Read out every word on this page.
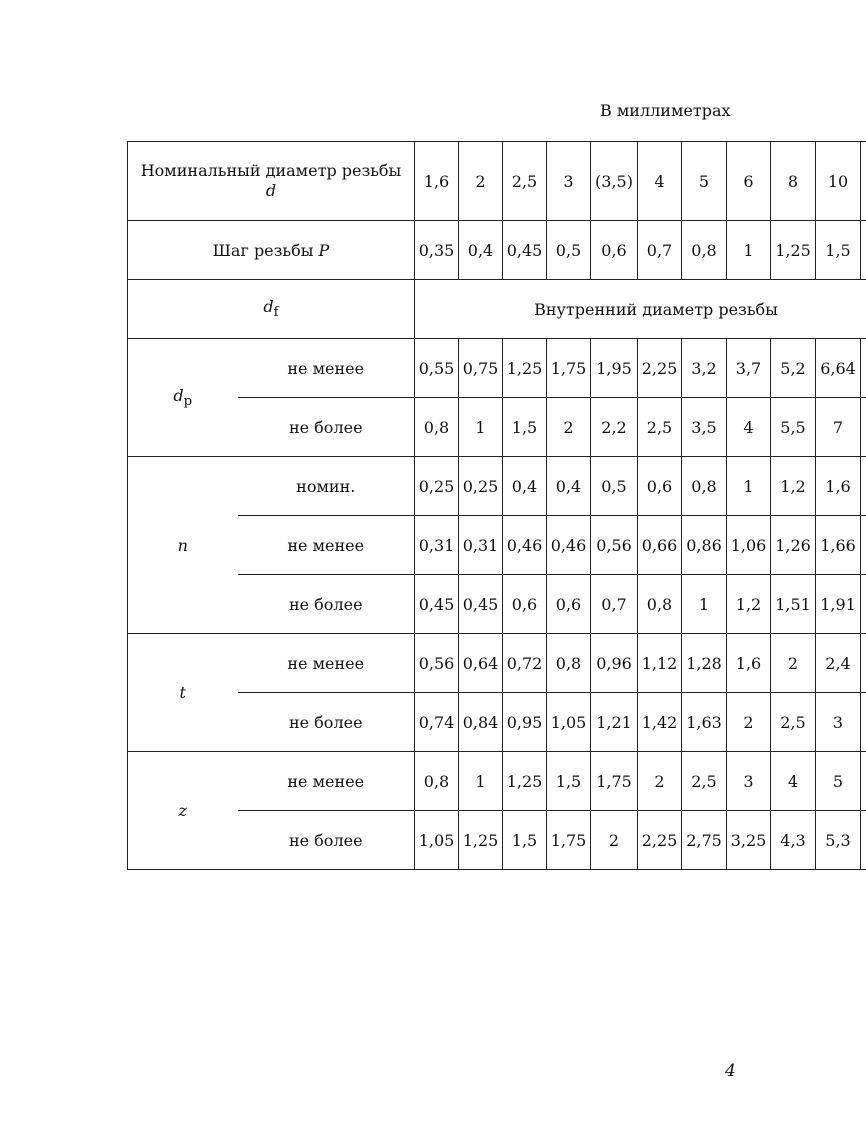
В миллиметрах
Номинальный диаметр резьбы
d		1,6	2	2,5	3	(3,5)	4	5	6	8	10	
Шаг резьбы P		0,35	0,4	0,45	0,5	0,6	0,7	0,8	1	1,25	1,5	
$d_f$		Внутренний диаметр резьбы										
$d_p$	не менее	0,55	0,75	1,25	1,75	1,95	2,25	3,2	3,7	5,2	6,64	
	не более	0,8	1	1,5	2	2,2	2,5	3,5	4	5,5	7	
n	номин.	0,25	0,25	0,4	0,4	0,5	0,6	0,8	1	1,2	1,6	
	не менее	0,31	0,31	0,46	0,46	0,56	0,66	0,86	1,06	1,26	1,66	
	не более	0,45	0,45	0,6	0,6	0,7	0,8	1	1,2	1,51	1,91	
t	не менее	0,56	0,64	0,72	0,8	0,96	1,12	1,28	1,6	2	2,4	
	не более	0,74	0,84	0,95	1,05	1,21	1,42	1,63	2	2,5	3	
z	не менее	0,8	1	1,25	1,5	1,75	2	2,5	3	4	5	
	не более	1,05	1,25	1,5	1,75	2	2,25	2,75	3,25	4,3	5,3	
4
